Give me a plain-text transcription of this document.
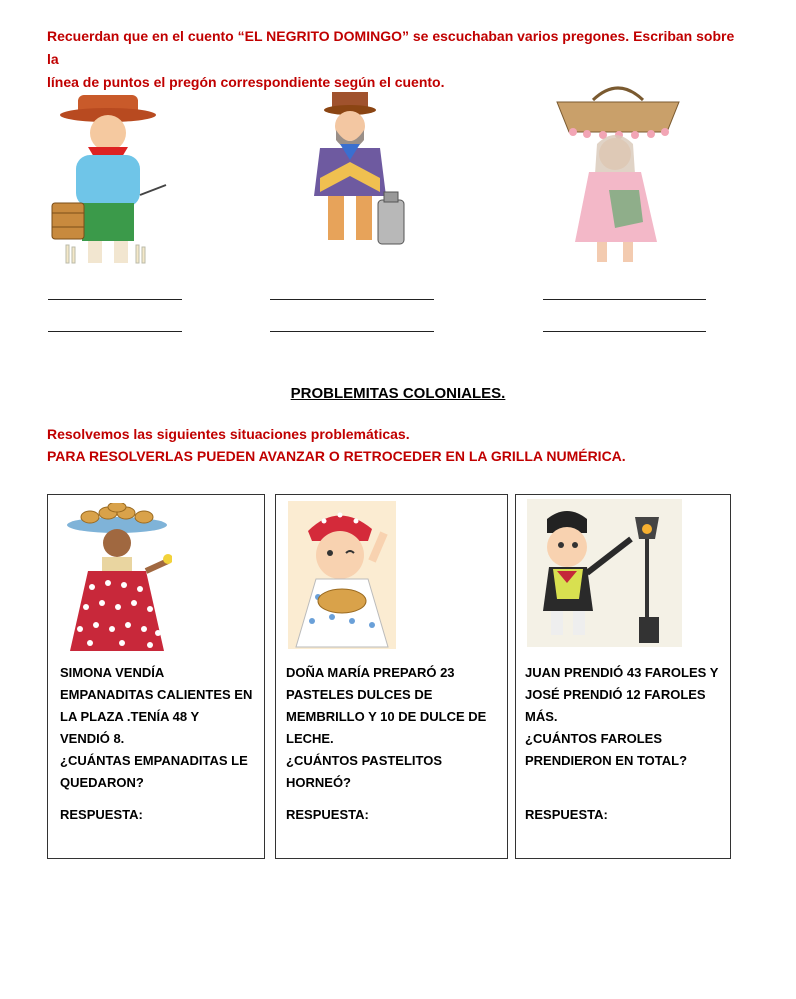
Recuerdan que en el cuento “EL NEGRITO DOMINGO” se escuchaban varios pregones. Escriban sobre la
línea de puntos el pregón correspondiente según el cuento.
PROBLEMITAS COLONIALES.
Resolvemos las siguientes situaciones problemáticas.
PARA RESOLVERLAS PUEDEN AVANZAR O RETROCEDER EN LA GRILLA NUMÉRICA.
SIMONA VENDÍA
EMPANADITAS CALIENTES EN
LA PLAZA .TENÍA 48 Y
VENDIÓ 8.
¿CUÁNTAS EMPANADITAS LE
QUEDARON?
RESPUESTA:
DOÑA MARÍA PREPARÓ 23
PASTELES DULCES DE
MEMBRILLO Y 10 DE DULCE DE
LECHE.
¿CUÁNTOS PASTELITOS
HORNEÓ?
RESPUESTA:
JUAN PRENDIÓ 43 FAROLES Y
JOSÉ PRENDIÓ 12 FAROLES
MÁS.
¿CUÁNTOS FAROLES
PRENDIERON EN TOTAL?
RESPUESTA:
